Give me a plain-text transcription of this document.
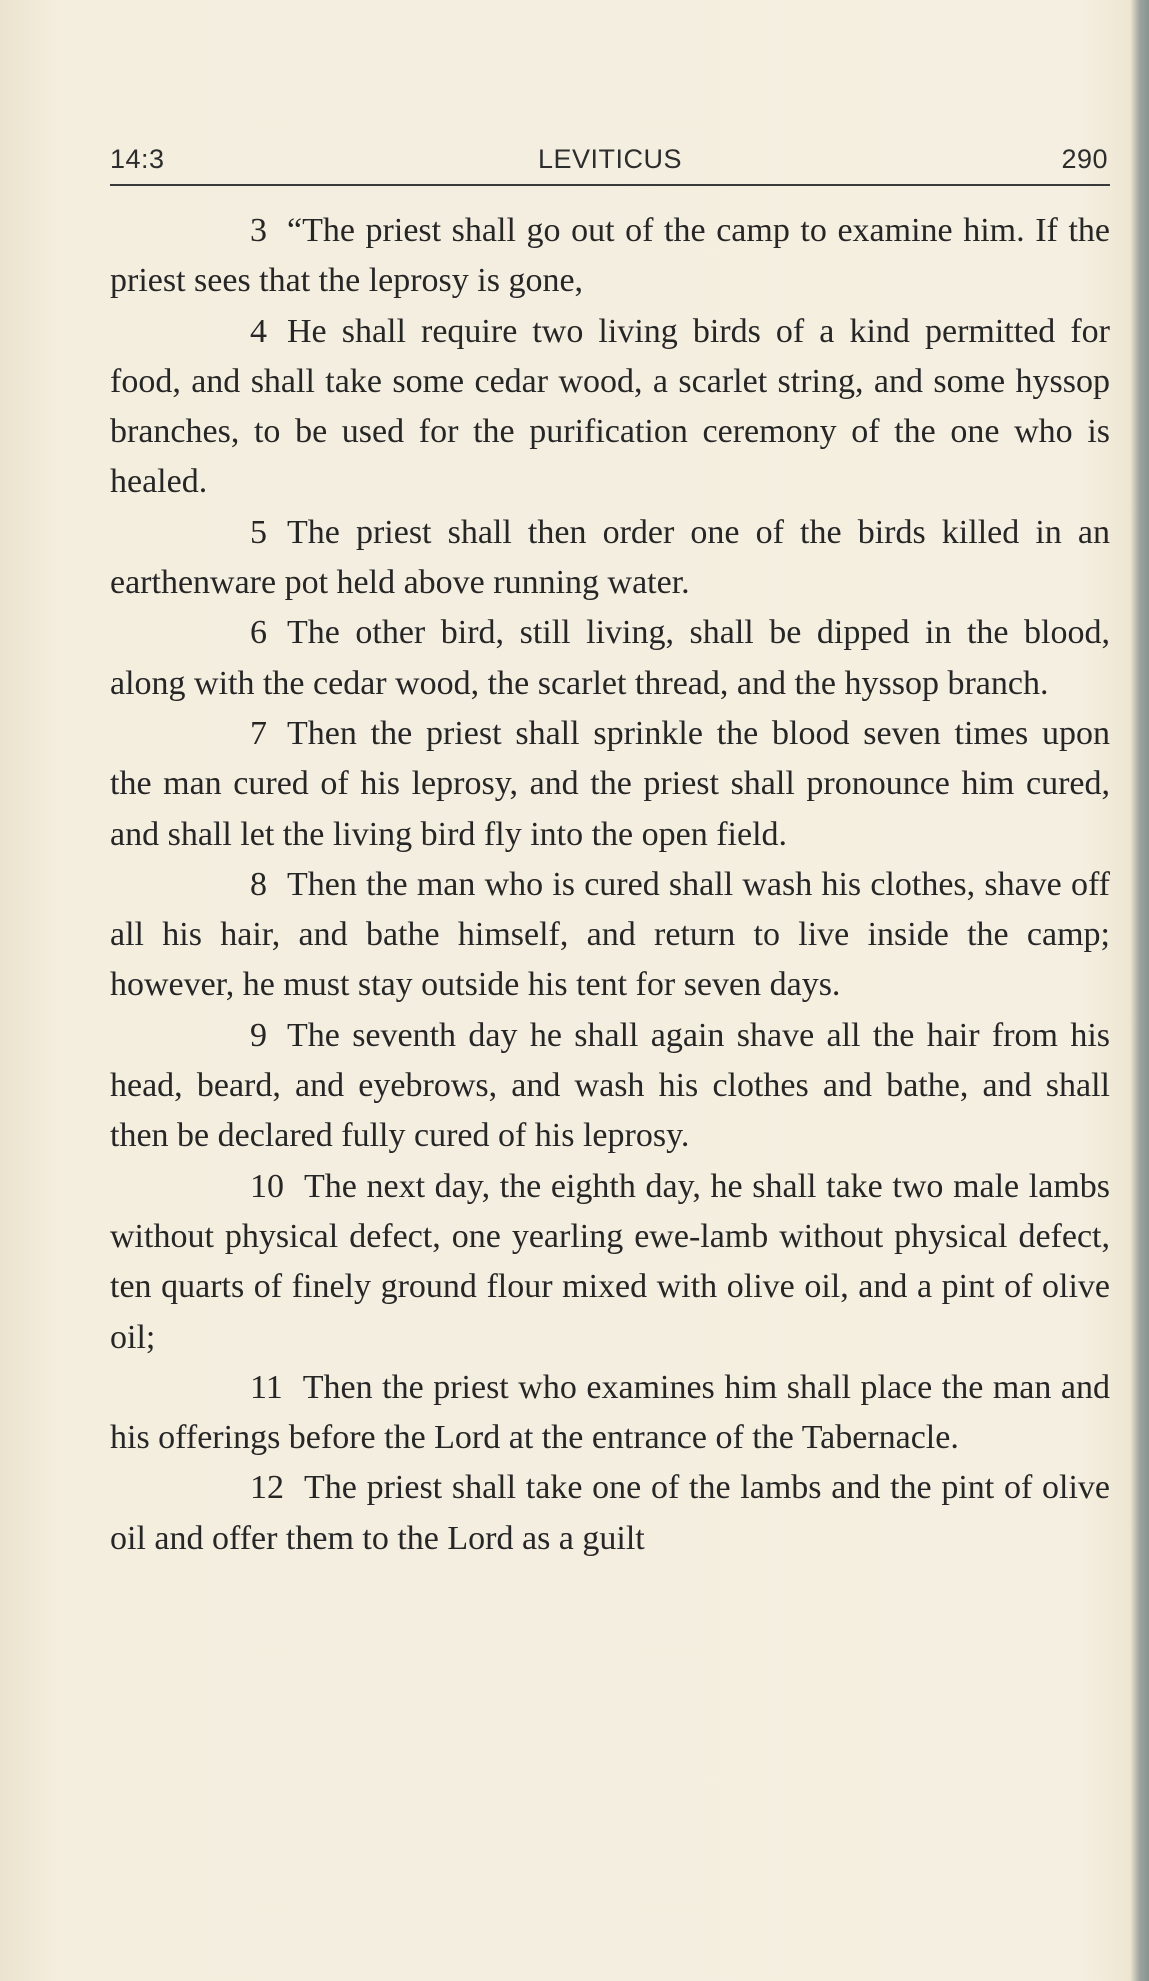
14:3	LEVITICUS	290

3 “The priest shall go out of the camp to examine him. If the priest sees that the leprosy is gone,

4 He shall require two living birds of a kind permitted for food, and shall take some cedar wood, a scarlet string, and some hyssop branches, to be used for the purification ceremony of the one who is healed.

5 The priest shall then order one of the birds killed in an earthenware pot held above running water.

6 The other bird, still living, shall be dipped in the blood, along with the cedar wood, the scarlet thread, and the hyssop branch.

7 Then the priest shall sprinkle the blood seven times upon the man cured of his leprosy, and the priest shall pronounce him cured, and shall let the living bird fly into the open field.

8 Then the man who is cured shall wash his clothes, shave off all his hair, and bathe himself, and return to live inside the camp; however, he must stay outside his tent for seven days.

9 The seventh day he shall again shave all the hair from his head, beard, and eyebrows, and wash his clothes and bathe, and shall then be declared fully cured of his leprosy.

10 The next day, the eighth day, he shall take two male lambs without physical defect, one yearling ewe-lamb without physical defect, ten quarts of finely ground flour mixed with olive oil, and a pint of olive oil;

11 Then the priest who examines him shall place the man and his offerings before the Lord at the entrance of the Tabernacle.

12 The priest shall take one of the lambs and the pint of olive oil and offer them to the Lord as a guilt
